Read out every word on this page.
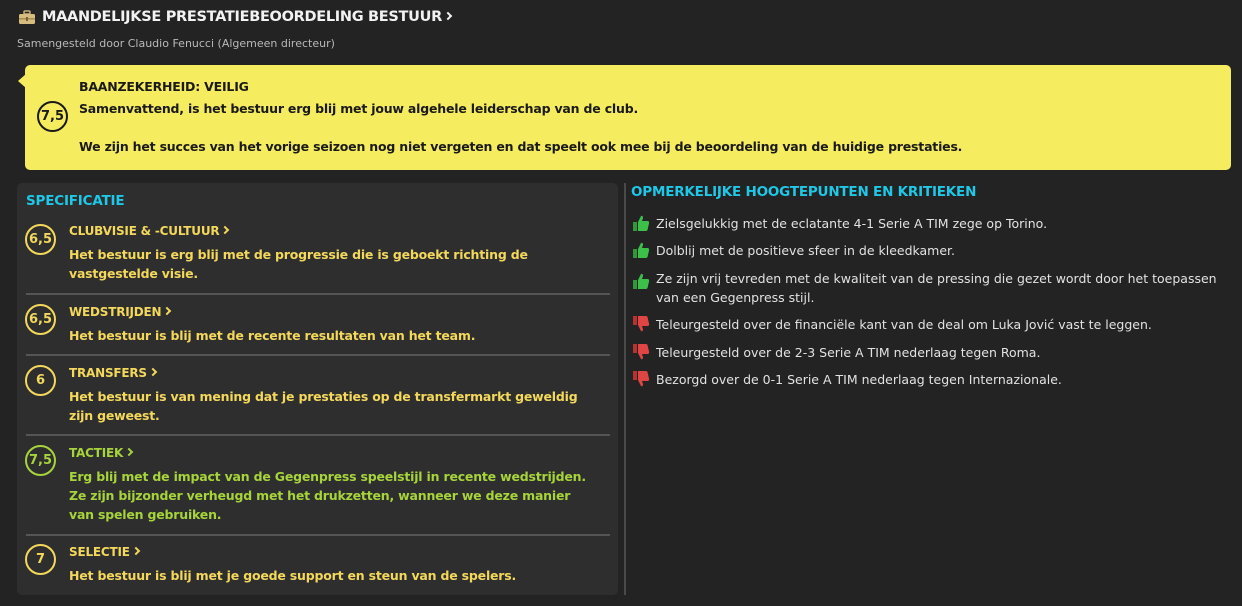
MAANDELIJKSE PRESTATIEBEOORDELING BESTUUR
Samengesteld door Claudio Fenucci (Algemeen directeur)
7,5
BAANZEKERHEID: VEILIG
Samenvattend, is het bestuur erg blij met jouw algehele leiderschap van de club.
We zijn het succes van het vorige seizoen nog niet vergeten en dat speelt ook mee bij de beoordeling van de huidige prestaties.
SPECIFICATIE
6,5
CLUBVISIE & -CULTUUR
Het bestuur is erg blij met de progressie die is geboekt richting de vastgestelde visie.
6,5	WEDSTRIJDEN
Het bestuur is blij met de recente resultaten van het team.
6	TRANSFERS
Het bestuur is van mening dat je prestaties op de transfermarkt geweldig zijn geweest.
7,5	TACTIEK
Erg blij met de impact van de Gegenpress speelstijl in recente wedstrijden. Ze zijn bijzonder verheugd met het drukzetten, wanneer we deze manier van spelen gebruiken.
7	SELECTIE
Het bestuur is blij met je goede support en steun van de spelers.
OPMERKELIJKE HOOGTEPUNTEN EN KRITIEKEN
Zielsgelukkig met de eclatante 4-1 Serie A TIM zege op Torino.
Dolblij met de positieve sfeer in de kleedkamer.
Ze zijn vrij tevreden met de kwaliteit van de pressing die gezet wordt door het toepassen van een Gegenpress stijl.
Teleurgesteld over de financiële kant van de deal om Luka Jović vast te leggen.
Teleurgesteld over de 2-3 Serie A TIM nederlaag tegen Roma.
Bezorgd over de 0-1 Serie A TIM nederlaag tegen Internazionale.
